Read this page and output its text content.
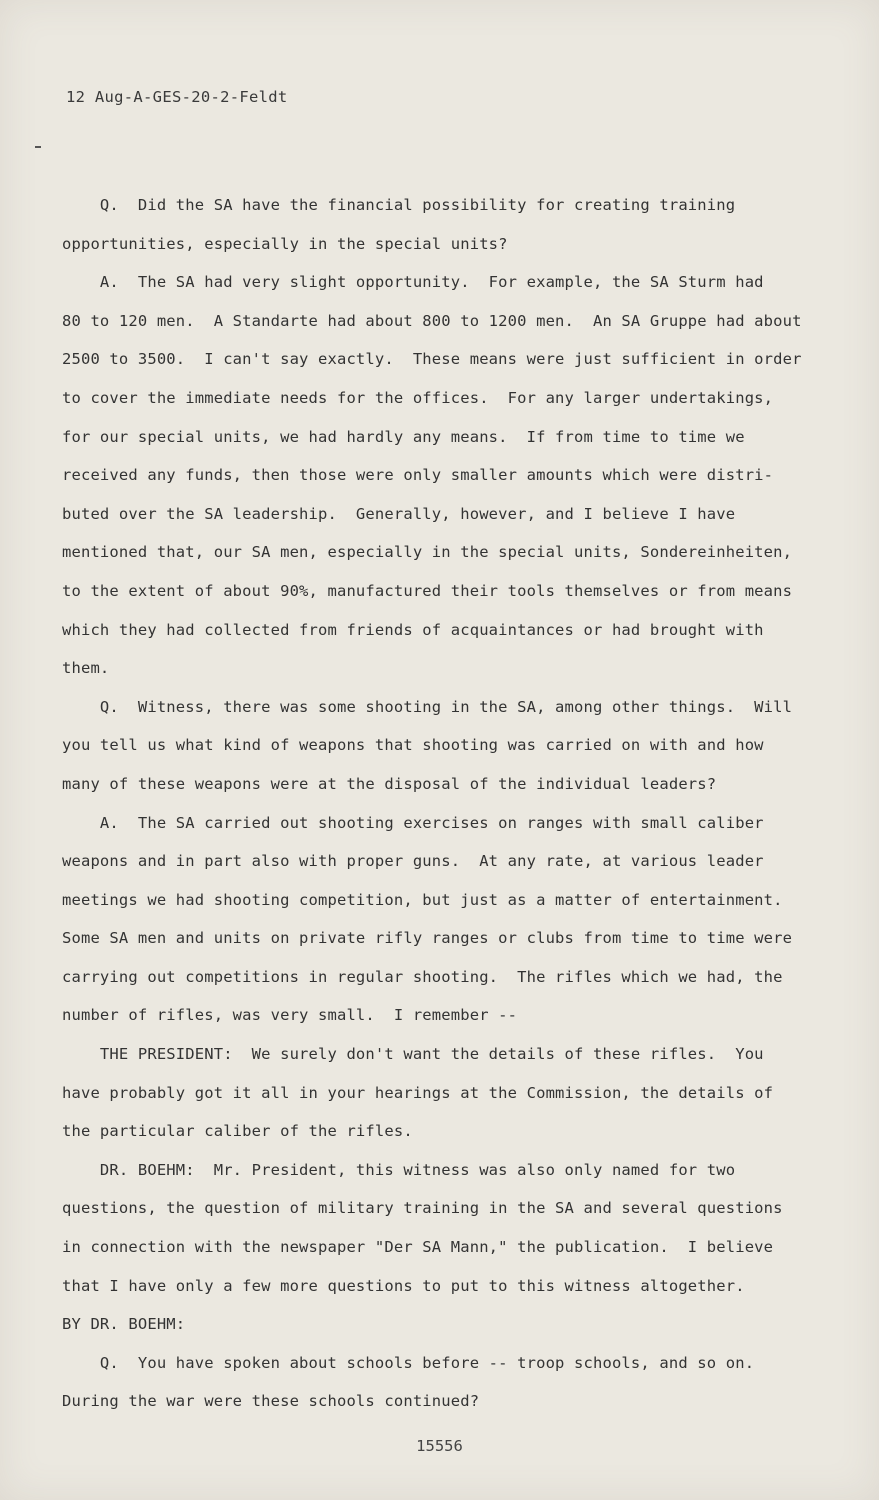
12 Aug-A-GES-20-2-Feldt
Q.  Did the SA have the financial possibility for creating training
opportunities, especially in the special units?
A.  The SA had very slight opportunity.  For example, the SA Sturm had
80 to 120 men.  A Standarte had about 800 to 1200 men.  An SA Gruppe had about
2500 to 3500.  I can't say exactly.  These means were just sufficient in order
to cover the immediate needs for the offices.  For any larger undertakings,
for our special units, we had hardly any means.  If from time to time we
received any funds, then those were only smaller amounts which were distri-
buted over the SA leadership.  Generally, however, and I believe I have
mentioned that, our SA men, especially in the special units, Sondereinheiten,
to the extent of about 90%, manufactured their tools themselves or from means
which they had collected from friends of acquaintances or had brought with
them.
Q.  Witness, there was some shooting in the SA, among other things.  Will
you tell us what kind of weapons that shooting was carried on with and how
many of these weapons were at the disposal of the individual leaders?
A.  The SA carried out shooting exercises on ranges with small caliber
weapons and in part also with proper guns.  At any rate, at various leader
meetings we had shooting competition, but just as a matter of entertainment.
Some SA men and units on private rifly ranges or clubs from time to time were
carrying out competitions in regular shooting.  The rifles which we had, the
number of rifles, was very small.  I remember --
THE PRESIDENT:  We surely don't want the details of these rifles.  You
have probably got it all in your hearings at the Commission, the details of
the particular caliber of the rifles.
DR. BOEHM:  Mr. President, this witness was also only named for two
questions, the question of military training in the SA and several questions
in connection with the newspaper "Der SA Mann," the publication.  I believe
that I have only a few more questions to put to this witness altogether.
BY DR. BOEHM:
Q.  You have spoken about schools before -- troop schools, and so on.
During the war were these schools continued?
15556
